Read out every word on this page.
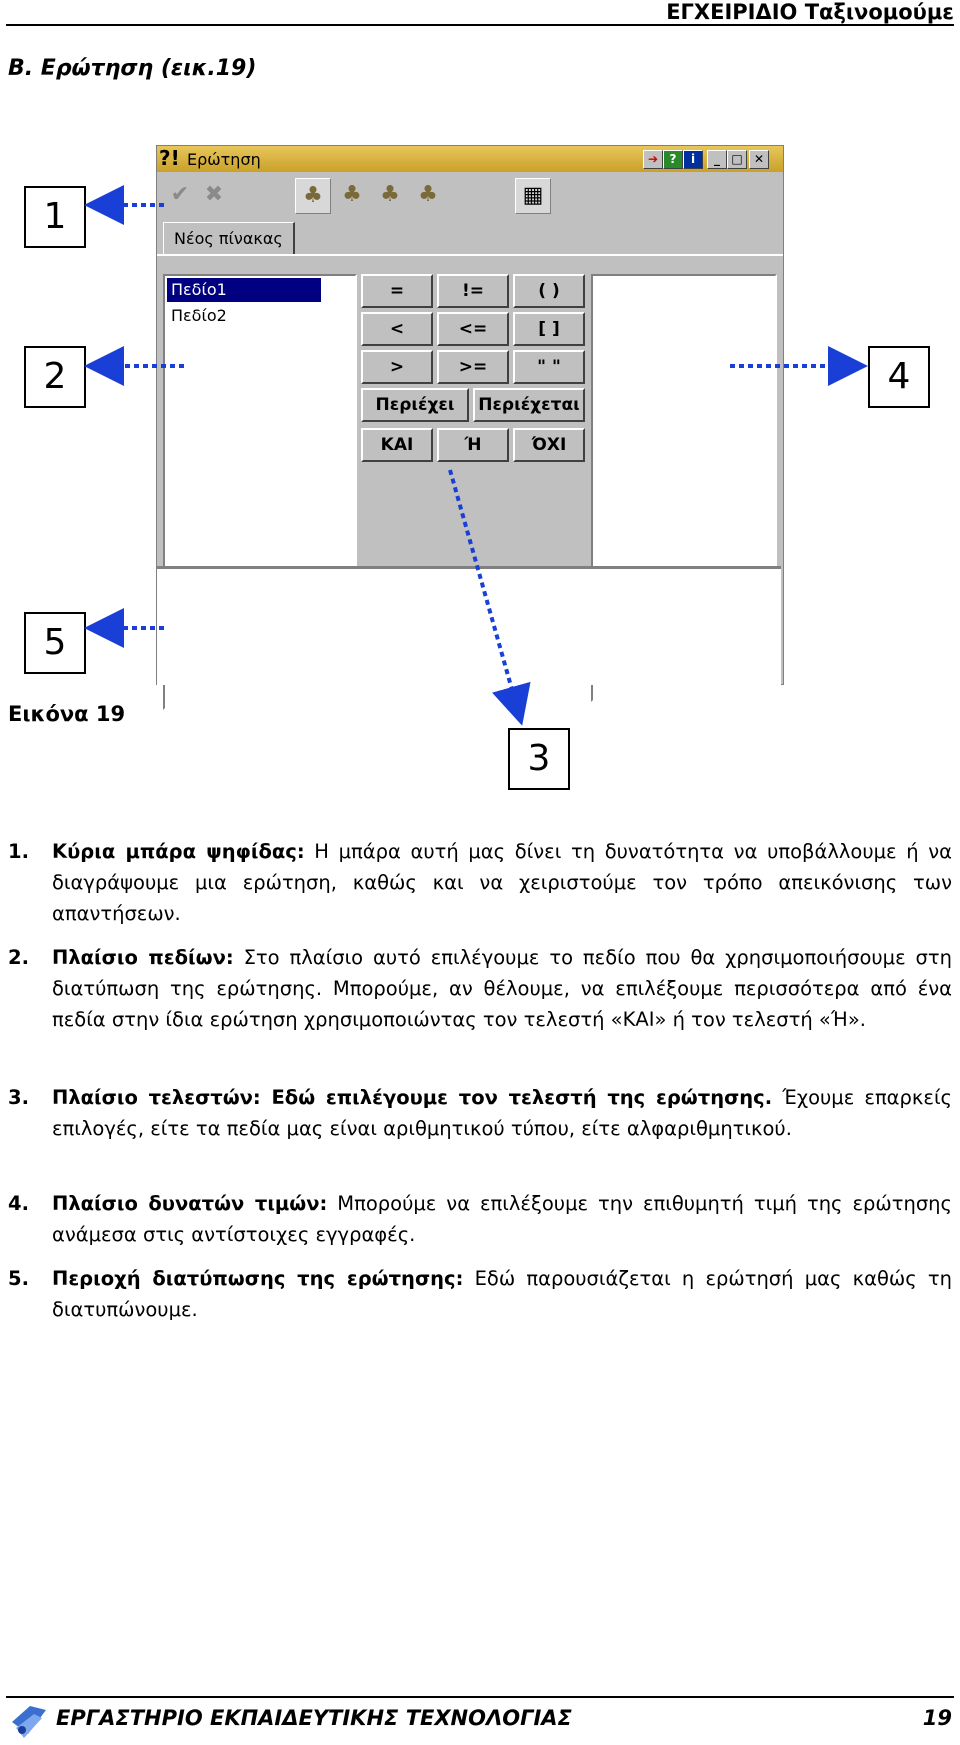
ΕΓΧΕΙΡΙΔΙΟ Ταξινομούμε
Β. Ερώτηση (εικ.19)
?! Ερώτηση	➔ ?	i	_ □ ✕
✔ ✖	♣ ♣ ♣ ♣	▦
Νέος πίνακας
Πεδίο1
Πεδίο2
=	!=	( )
<	<=	[ ]
>	>=	" "
Περιέχει	Περιέχεται
ΚΑΙ	Ή	ΌΧΙ
1
2	4
5
3
Εικόνα 19
1. Κύρια μπάρα ψηφίδας: Η μπάρα αυτή μας δίνει τη δυνατότητα να υποβάλλουμε ή να διαγράψουμε μια ερώτηση, καθώς και να χειριστούμε τον τρόπο απεικόνισης των απαντήσεων.
2. Πλαίσιο πεδίων: Στο πλαίσιο αυτό επιλέγουμε το πεδίο που θα χρησιμοποιήσουμε στη διατύπωση της ερώτησης. Μπορούμε, αν θέλουμε, να επιλέξουμε περισσότερα από ένα πεδία στην ίδια ερώτηση χρησιμοποιώντας τον τελεστή «ΚΑΙ» ή τον τελεστή «Ή».
3. Πλαίσιο τελεστών: Εδώ επιλέγουμε τον τελεστή της ερώτησης. Έχουμε επαρκείς επιλογές, είτε τα πεδία μας είναι αριθμητικού τύπου, είτε αλφαριθμητικού.
4. Πλαίσιο δυνατών τιμών: Μπορούμε να επιλέξουμε την επιθυμητή τιμή της ερώτησης ανάμεσα στις αντίστοιχες εγγραφές.
5. Περιοχή διατύπωσης της ερώτησης: Εδώ παρουσιάζεται η ερώτησή μας καθώς τη διατυπώνουμε.
ΕΡΓΑΣΤΗΡΙΟ ΕΚΠΑΙΔΕΥΤΙΚΗΣ ΤΕΧΝΟΛΟΓΙΑΣ	19
